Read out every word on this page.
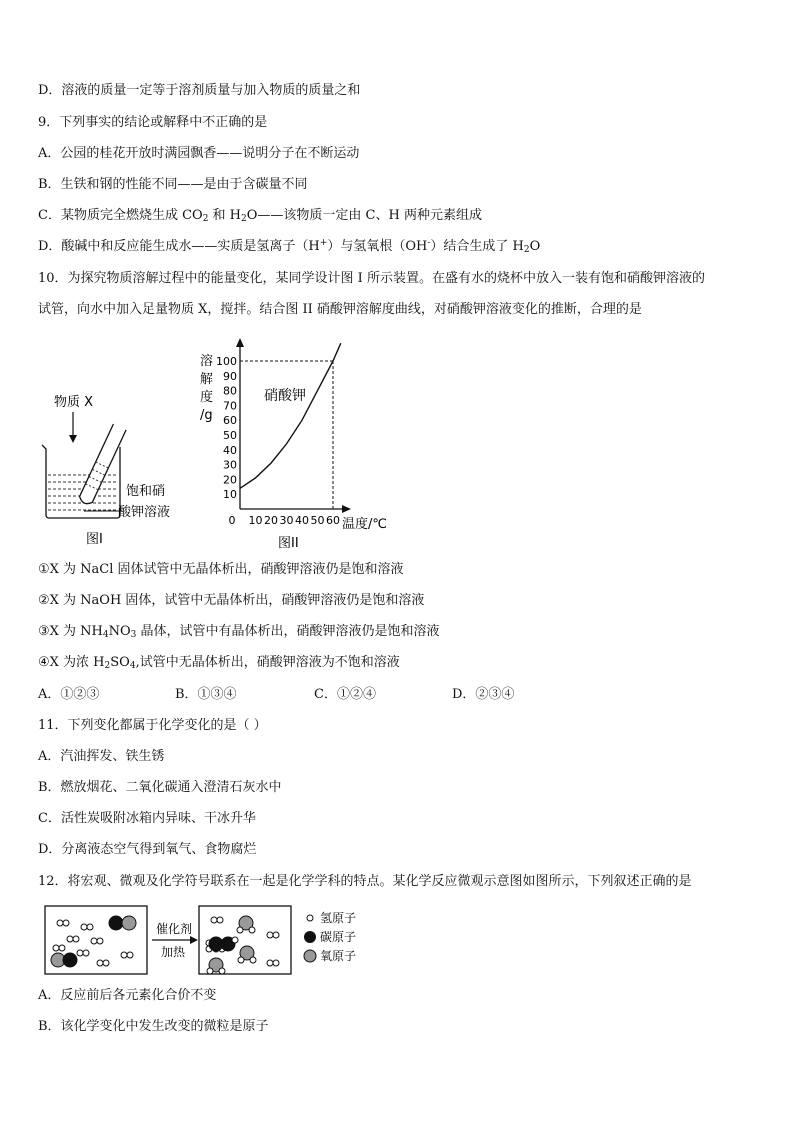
D．溶液的质量一定等于溶剂质量与加入物质的质量之和
9．下列事实的结论或解释中不正确的是
A．公园的桂花开放时满园飘香——说明分子在不断运动
B．生铁和钢的性能不同——是由于含碳量不同
C．某物质完全燃烧生成 $CO_2$ 和 $H_2O——$该物质一定由 C、H 两种元素组成
D．酸碱中和反应能生成水——实质是氢离子（H+）与氢氧根（OH-）结合生成了 $H_2O$
10．为探究物质溶解过程中的能量变化，某同学设计图 I 所示装置。在盛有水的烧杯中放入一装有饱和硝酸钾溶液的
试管，向水中加入足量物质 X，搅拌。结合图 II 硝酸钾溶解度曲线，对硝酸钾溶液变化的推断，合理的是
物质 X
饱和硝
酸钾溶液
图I
10
20
30
40
50
60
70
80
90
100
0 10 20 30 40 50 60
硝酸钾
溶
解
度
/g
温度/℃
图II
①X 为 NaCl 固体试管中无晶体析出，硝酸钾溶液仍是饱和溶液
②X 为 NaOH 固体，试管中无晶体析出，硝酸钾溶液仍是饱和溶液
③X 为 $NH_4NO_3$ 晶体，试管中有晶体析出，硝酸钾溶液仍是饱和溶液
④X 为浓 $H_2SO_4$,试管中无晶体析出，硝酸钾溶液为不饱和溶液
A．①②③	B．①③④	C．①②④	D．②③④
11．下列变化都属于化学变化的是（ ）
A．汽油挥发、铁生锈
B．燃放烟花、二氧化碳通入澄清石灰水中
C．活性炭吸附冰箱内异味、干冰升华
D．分离液态空气得到氧气、食物腐烂
12．将宏观、微观及化学符号联系在一起是化学学科的特点。某化学反应微观示意图如图所示，下列叙述正确的是
催化剂
加热
氢原子
碳原子
氧原子
A．反应前后各元素化合价不变
B．该化学变化中发生改变的微粒是原子
